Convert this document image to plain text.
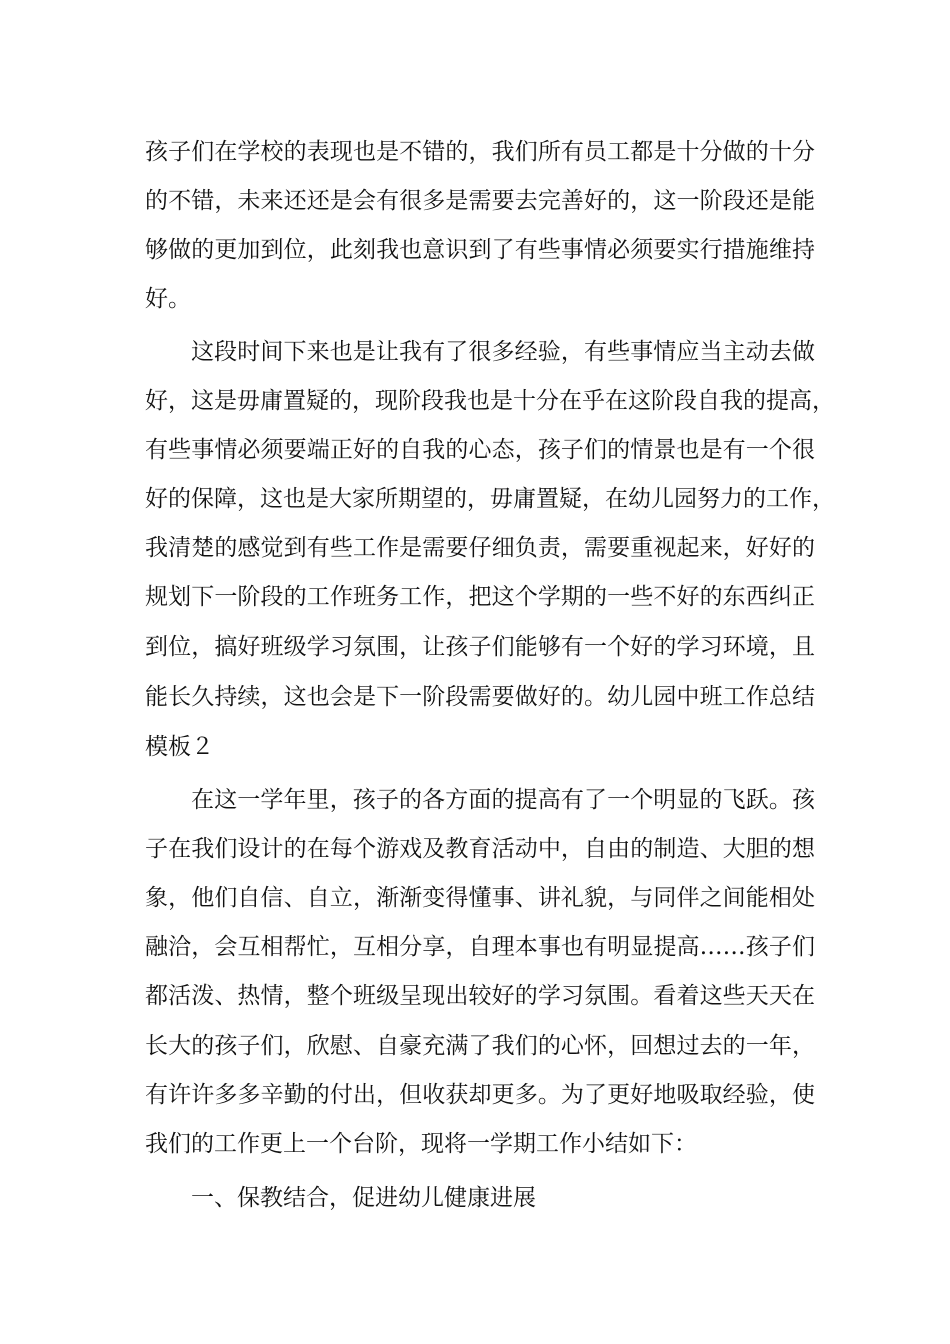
孩子们在学校的表现也是不错的，我们所有员工都是十分做的十分
的不错，未来还还是会有很多是需要去完善好的，这一阶段还是能
够做的更加到位，此刻我也意识到了有些事情必须要实行措施维持
好。
这段时间下来也是让我有了很多经验，有些事情应当主动去做
好，这是毋庸置疑的，现阶段我也是十分在乎在这阶段自我的提高，
有些事情必须要端正好的自我的心态，孩子们的情景也是有一个很
好的保障，这也是大家所期望的，毋庸置疑，在幼儿园努力的工作，
我清楚的感觉到有些工作是需要仔细负责，需要重视起来，好好的
规划下一阶段的工作班务工作，把这个学期的一些不好的东西纠正
到位，搞好班级学习氛围，让孩子们能够有一个好的学习环境，且
能长久持续，这也会是下一阶段需要做好的。幼儿园中班工作总结
模板２
在这一学年里，孩子的各方面的提高有了一个明显的飞跃。孩
子在我们设计的在每个游戏及教育活动中，自由的制造、大胆的想
象，他们自信、自立，渐渐变得懂事、讲礼貌，与同伴之间能相处
融洽，会互相帮忙，互相分享，自理本事也有明显提高……孩子们
都活泼、热情，整个班级呈现出较好的学习氛围。看着这些天天在
长大的孩子们，欣慰、自豪充满了我们的心怀，回想过去的一年，
有许许多多辛勤的付出，但收获却更多。为了更好地吸取经验，使
我们的工作更上一个台阶，现将一学期工作小结如下：
一、保教结合，促进幼儿健康进展
